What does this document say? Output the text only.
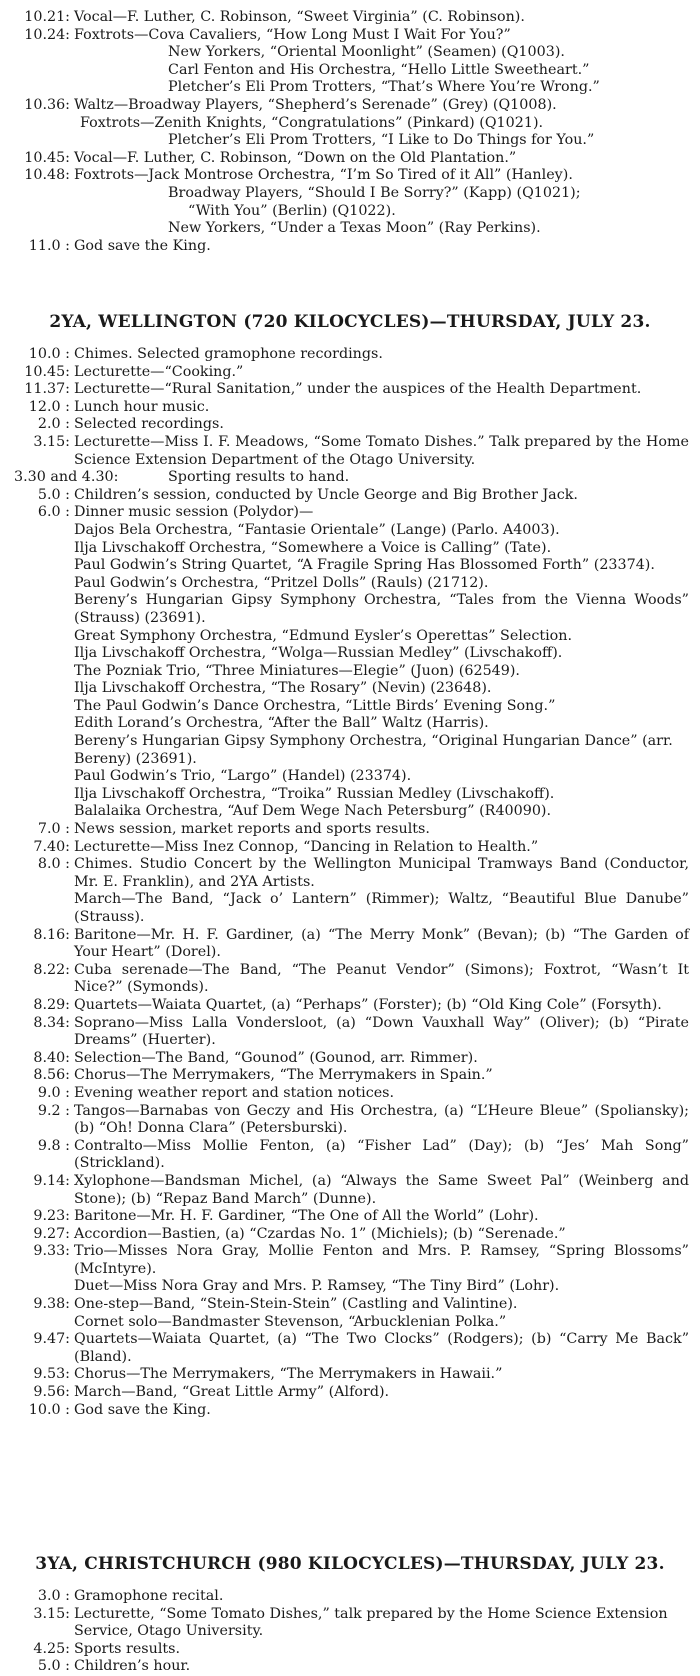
10.21: Vocal—F. Luther, C. Robinson, “Sweet Virginia” (C. Robinson).
10.24: Foxtrots—Cova Cavaliers, “How Long Must I Wait For You?”
New Yorkers, “Oriental Moonlight” (Seamen) (Q1003).
Carl Fenton and His Orchestra, “Hello Little Sweetheart.”
Pletcher’s Eli Prom Trotters, “That’s Where You’re Wrong.”
10.36: Waltz—Broadway Players, “Shepherd’s Serenade” (Grey) (Q1008).
Foxtrots—Zenith Knights, “Congratulations” (Pinkard) (Q1021).
Pletcher’s Eli Prom Trotters, “I Like to Do Things for You.”
10.45: Vocal—F. Luther, C. Robinson, “Down on the Old Plantation.”
10.48: Foxtrots—Jack Montrose Orchestra, “I’m So Tired of it All” (Hanley).
Broadway Players, “Should I Be Sorry?” (Kapp) (Q1021);
“With You” (Berlin) (Q1022).
New Yorkers, “Under a Texas Moon” (Ray Perkins).
11.0 : God save the King.
2YA, WELLINGTON (720 KILOCYCLES)—THURSDAY, JULY 23.
10.0 : Chimes. Selected gramophone recordings.
10.45: Lecturette—“Cooking.”
11.37: Lecturette—“Rural Sanitation,” under the auspices of the Health Department.
12.0 : Lunch hour music.
2.0 : Selected recordings.
3.15: Lecturette—Miss I. F. Meadows, “Some Tomato Dishes.” Talk prepared by the Home Science Extension Department of the Otago University.
3.30 and 4.30:	Sporting results to hand.
5.0 : Children’s session, conducted by Uncle George and Big Brother Jack.
6.0 : Dinner music session (Polydor)—
Dajos Bela Orchestra, “Fantasie Orientale” (Lange) (Parlo. A4003).
Ilja Livschakoff Orchestra, “Somewhere a Voice is Calling” (Tate).
Paul Godwin’s String Quartet, “A Fragile Spring Has Blossomed Forth” (23374).
Paul Godwin’s Orchestra, “Pritzel Dolls” (Rauls) (21712).
Bereny’s Hungarian Gipsy Symphony Orchestra, “Tales from the Vienna Woods” (Strauss) (23691).
Great Symphony Orchestra, “Edmund Eysler’s Operettas” Selection.
Ilja Livschakoff Orchestra, “Wolga—Russian Medley” (Livschakoff).
The Pozniak Trio, “Three Miniatures—Elegie” (Juon) (62549).
Ilja Livschakoff Orchestra, “The Rosary” (Nevin) (23648).
The Paul Godwin’s Dance Orchestra, “Little Birds’ Evening Song.”
Edith Lorand’s Orchestra, “After the Ball” Waltz (Harris).
Bereny’s Hungarian Gipsy Symphony Orchestra, “Original Hungarian Dance” (arr. Bereny) (23691).
Paul Godwin’s Trio, “Largo” (Handel) (23374).
Ilja Livschakoff Orchestra, “Troika” Russian Medley (Livschakoff).
Balalaika Orchestra, “Auf Dem Wege Nach Petersburg” (R40090).
7.0 : News session, market reports and sports results.
7.40: Lecturette—Miss Inez Connop, “Dancing in Relation to Health.”
8.0 : Chimes. Studio Concert by the Wellington Municipal Tramways Band (Conductor, Mr. E. Franklin), and 2YA Artists.
March—The Band, “Jack o’ Lantern” (Rimmer); Waltz, “Beautiful Blue Danube” (Strauss).
8.16: Baritone—Mr. H. F. Gardiner, (a) “The Merry Monk” (Bevan); (b) “The Garden of Your Heart” (Dorel).
8.22: Cuba serenade—The Band, “The Peanut Vendor” (Simons); Foxtrot, “Wasn’t It Nice?” (Symonds).
8.29: Quartets—Waiata Quartet, (a) “Perhaps” (Forster); (b) “Old King Cole” (Forsyth).
8.34: Soprano—Miss Lalla Vondersloot, (a) “Down Vauxhall Way” (Oliver); (b) “Pirate Dreams” (Huerter).
8.40: Selection—The Band, “Gounod” (Gounod, arr. Rimmer).
8.56: Chorus—The Merrymakers, “The Merrymakers in Spain.”
9.0 : Evening weather report and station notices.
9.2 : Tangos—Barnabas von Geczy and His Orchestra, (a) “L’Heure Bleue” (Spoliansky); (b) “Oh! Donna Clara” (Petersburski).
9.8 : Contralto—Miss Mollie Fenton, (a) “Fisher Lad” (Day); (b) “Jes’ Mah Song” (Strickland).
9.14: Xylophone—Bandsman Michel, (a) “Always the Same Sweet Pal” (Weinberg and Stone); (b) “Repaz Band March” (Dunne).
9.23: Baritone—Mr. H. F. Gardiner, “The One of All the World” (Lohr).
9.27: Accordion—Bastien, (a) “Czardas No. 1” (Michiels); (b) “Serenade.”
9.33: Trio—Misses Nora Gray, Mollie Fenton and Mrs. P. Ramsey, “Spring Blossoms” (McIntyre).
Duet—Miss Nora Gray and Mrs. P. Ramsey, “The Tiny Bird” (Lohr).
9.38: One-step—Band, “Stein-Stein-Stein” (Castling and Valintine).
Cornet solo—Bandmaster Stevenson, “Arbucklenian Polka.”
9.47: Quartets—Waiata Quartet, (a) “The Two Clocks” (Rodgers); (b) “Carry Me Back” (Bland).
9.53: Chorus—The Merrymakers, “The Merrymakers in Hawaii.”
9.56: March—Band, “Great Little Army” (Alford).
10.0 : God save the King.
3YA, CHRISTCHURCH (980 KILOCYCLES)—THURSDAY, JULY 23.
3.0 : Gramophone recital.
3.15: Lecturette, “Some Tomato Dishes,” talk prepared by the Home Science Extension Service, Otago University.
4.25: Sports results.
5.0 : Children’s hour.
